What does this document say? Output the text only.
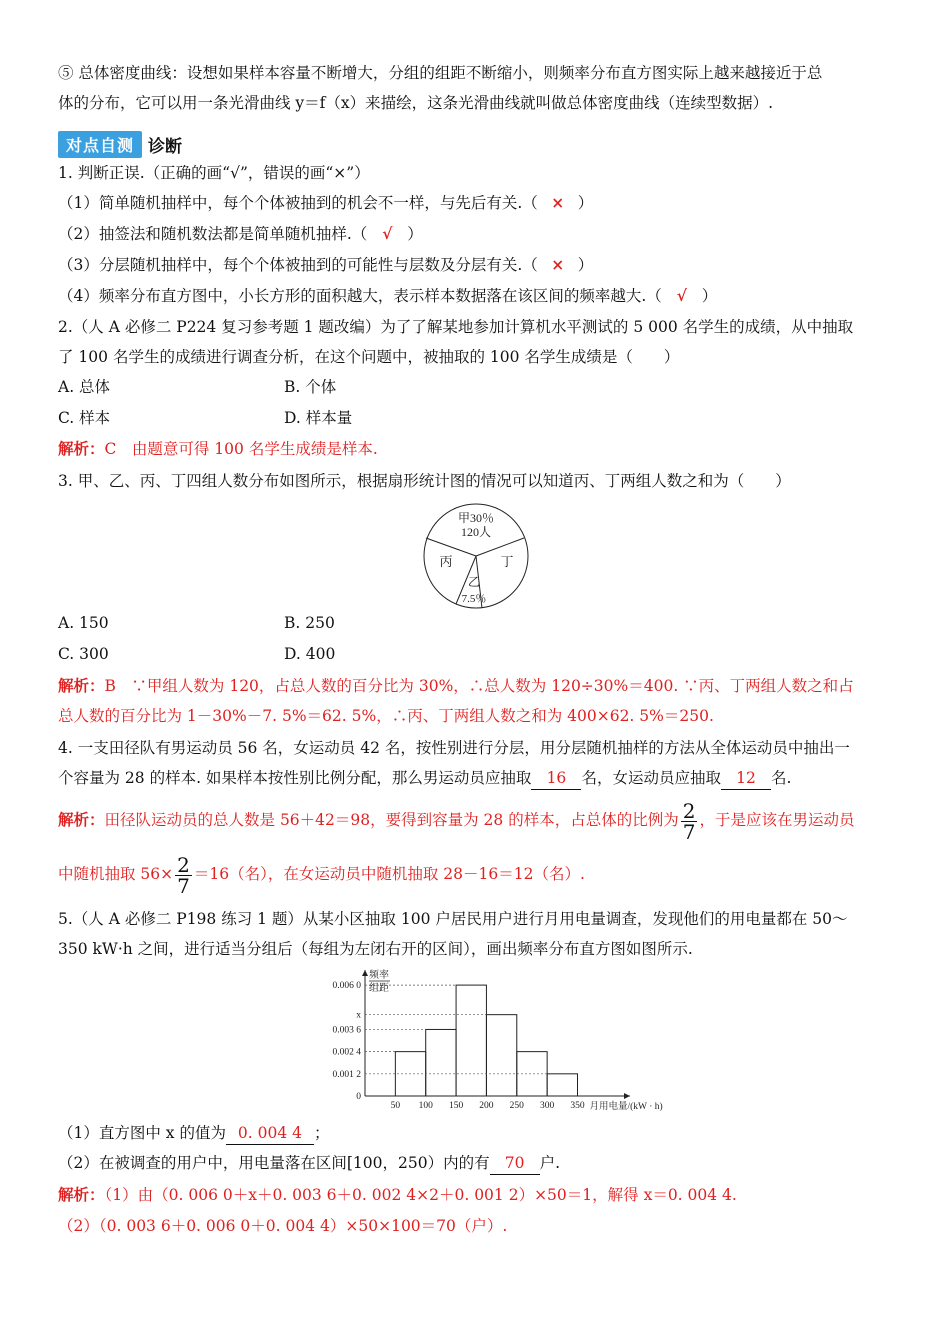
⑤ 总体密度曲线：设想如果样本容量不断增大，分组的组距不断缩小，则频率分布直方图实际上越来越接近于总
体的分布，它可以用一条光滑曲线 y＝f（x）来描绘，这条光滑曲线就叫做总体密度曲线（连续型数据）.
对点自测 诊断
1. 判断正误.（正确的画“√”，错误的画“×”）
（1）简单随机抽样中，每个个体被抽到的机会不一样，与先后有关.（ × ）
（2）抽签法和随机数法都是简单随机抽样.（ √ ）
（3）分层随机抽样中，每个个体被抽到的可能性与层数及分层有关.（ × ）
（4）频率分布直方图中，小长方形的面积越大，表示样本数据落在该区间的频率越大.（ √ ）
2.（人 A 必修二 P224 复习参考题 1 题改编）为了了解某地参加计算机水平测试的 5 000 名学生的成绩，从中抽取
了 100 名学生的成绩进行调查分析，在这个问题中，被抽取的 100 名学生成绩是（　　）
A. 总体	B. 个体
C. 样本	D. 样本量
解析：C　由题意可得 100 名学生成绩是样本.
3. 甲、乙、丙、丁四组人数分布如图所示，根据扇形统计图的情况可以知道丙、丁两组人数之和为（　　）
甲30％
120人
丙	丁
乙
7.5％
A. 150	B. 250
C. 300	D. 400
解析：B　∵甲组人数为 120，占总人数的百分比为 30%，∴总人数为 120÷30%＝400. ∵丙、丁两组人数之和占
总人数的百分比为 1－30%－7. 5%＝62. 5%，∴丙、丁两组人数之和为 400×62. 5%＝250.
4. 一支田径队有男运动员 56 名，女运动员 42 名，按性别进行分层，用分层随机抽样的方法从全体运动员中抽出一
个容量为 28 的样本. 如果样本按性别比例分配，那么男运动员应抽取 16 名，女运动员应抽取 12 名.
解析：田径队运动员的总人数是 56＋42＝98，要得到容量为 28 的样本，占总体的比例为 $\frac{2}{7}$ ，于是应该在男运动员
中随机抽取 $56\times \frac{2}{7} =16$（名），在女运动员中随机抽取 28－16＝12（名）.
5.（人 A 必修二 P198 练习 1 题）从某小区抽取 100 户居民用户进行月用电量调查，发现他们的用电量都在 50～
350 kW·h 之间，进行适当分组后（每组为左闭右开的区间），画出频率分布直方图如图所示.
频率
组距
0.001 2
0.002 4
0.003 6
x
0.006 0
0
50 100 150 200 250 300 350 月用电量/(kW · h)
（1）直方图中 x 的值为 0. 004 4 ；
（2）在被调查的用户中，用电量落在区间[100，250）内的有 70 户.
解析：（1）由（0. 006 0＋x＋0. 003 6＋0. 002 4×2＋0. 001 2）×50＝1，解得 x＝0. 004 4.
（2）（0. 003 6＋0. 006 0＋0. 004 4）×50×100＝70（户）.
